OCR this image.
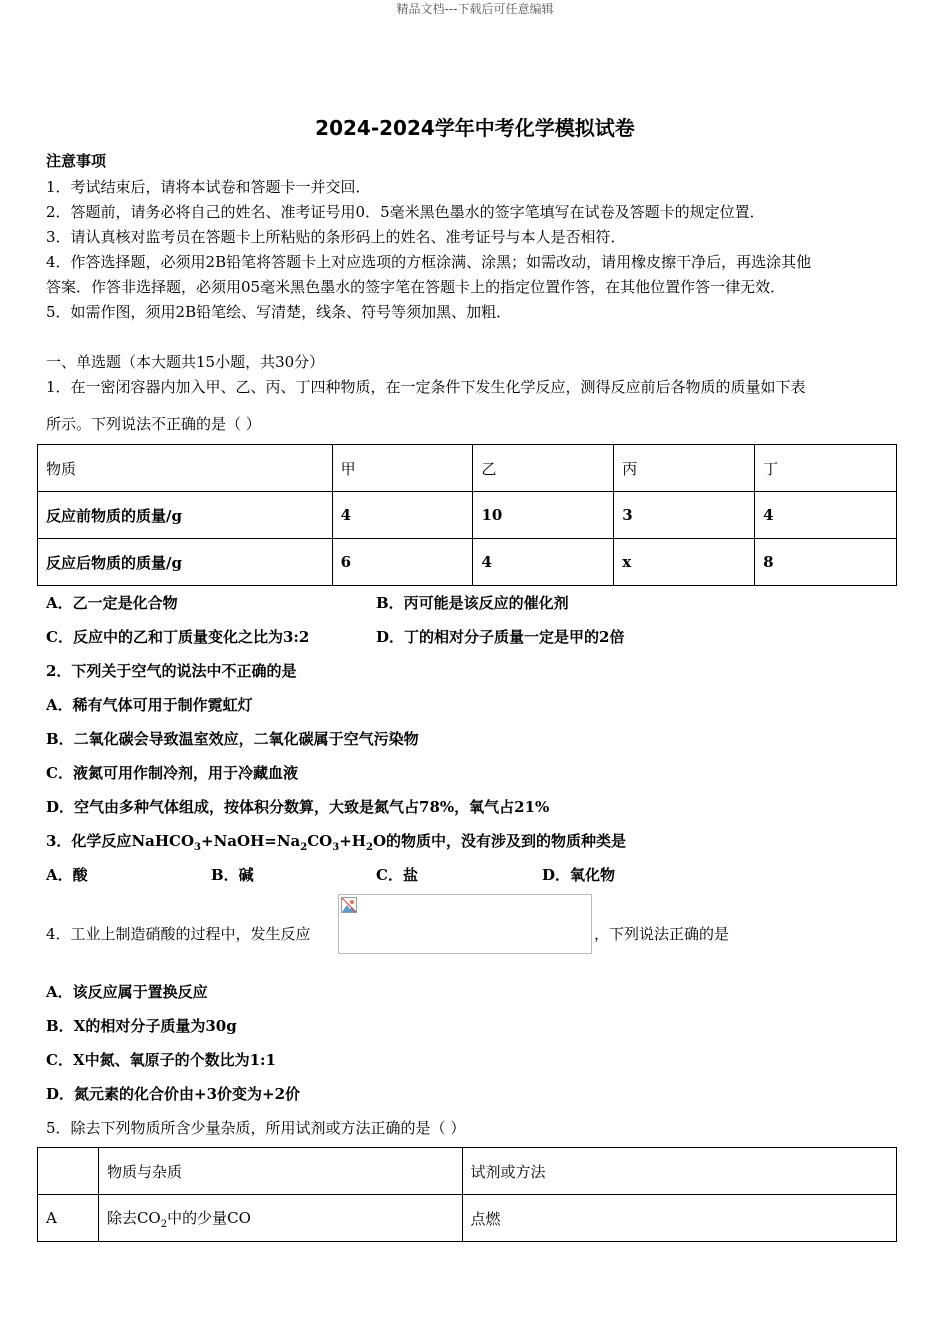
精品文档---下载后可任意编辑
2024-2024学年中考化学模拟试卷
注意事项
1．考试结束后，请将本试卷和答题卡一并交回．
2．答题前，请务必将自己的姓名、准考证号用0．5毫米黑色墨水的签字笔填写在试卷及答题卡的规定位置．
3．请认真核对监考员在答题卡上所粘贴的条形码上的姓名、准考证号与本人是否相符．
4．作答选择题，必须用2B铅笔将答题卡上对应选项的方框涂满、涂黑；如需改动，请用橡皮擦干净后，再选涂其他
答案．作答非选择题，必须用05毫米黑色墨水的签字笔在答题卡上的指定位置作答，在其他位置作答一律无效．
5．如需作图，须用2B铅笔绘、写清楚，线条、符号等须加黑、加粗．
一、单选题（本大题共15小题，共30分）
1．在一密闭容器内加入甲、乙、丙、丁四种物质，在一定条件下发生化学反应，测得反应前后各物质的质量如下表
所示。下列说法不正确的是（ ）
物质	甲	乙	丙	丁
反应前物质的质量/g	4	10	3	4
反应后物质的质量/g	6	4	x	8
A．乙一定是化合物	B．丙可能是该反应的催化剂
C．反应中的乙和丁质量变化之比为3:2	D．丁的相对分子质量一定是甲的2倍
2．下列关于空气的说法中不正确的是
A．稀有气体可用于制作霓虹灯
B．二氧化碳会导致温室效应，二氧化碳属于空气污染物
C．液氮可用作制冷剂，用于冷藏血液
D．空气由多种气体组成，按体积分数算，大致是氮气占78%，氧气占21%
3．化学反应$NaHCO_3+NaOH=Na_2CO_3+H_2O$的物质中，没有涉及到的物质种类是
A．酸	B．碱	C．盐	D．氧化物
4．工业上制造硝酸的过程中，发生反应	，下列说法正确的是
A．该反应属于置换反应
B．X的相对分子质量为30g
C．X中氮、氧原子的个数比为1:1
D．氮元素的化合价由+3价变为+2价
5．除去下列物质所含少量杂质，所用试剂或方法正确的是（ ）
	物质与杂质	试剂或方法
A	除去$CO_2$中的少量CO	点燃
